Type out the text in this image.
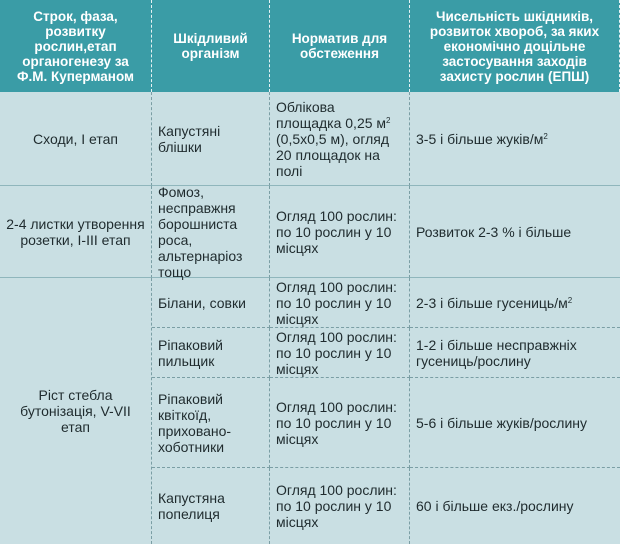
Строк, фаза, розвитку рослин,етап органогенезу за Ф.М. Куперманом
Шкідливий організм
Норматив для обстеження
Чисельність шкідників, розвиток хвороб, за яких економічно доцільне застосування заходів захисту рослин (ЕПШ)
Сходи, І етап
2-4 листки утворення розетки, І-ІІІ етап
Ріст стебла бутонізація, V-VII етап
Капустяні блішки
Облікова площадка 0,25 $м^2$ (0,5х0,5 м), огляд 20 площадок на полі
3-5 і більше жуків/$м^2$
Фомоз, несправжня борошниста роса, альтернаріоз тощо
Огляд 100 рослин: по 10 рослин у 10 місцях
Розвиток 2-3 % і більше
Білани, совки
Огляд 100 рослин: по 10 рослин у 10 місцях
2-3 і більше гусениць/$м^2$
Ріпаковий пильщик
Огляд 100 рослин: по 10 рослин у 10 місцях
1-2 і більше несправжніх гусениць/рослину
Ріпаковий квіткоїд, приховано-хоботники
Огляд 100 рослин: по 10 рослин у 10 місцях
5-6 і більше жуків/рослину
Капустяна попелиця
Огляд 100 рослин: по 10 рослин у 10 місцях
60 і більше екз./рослину
